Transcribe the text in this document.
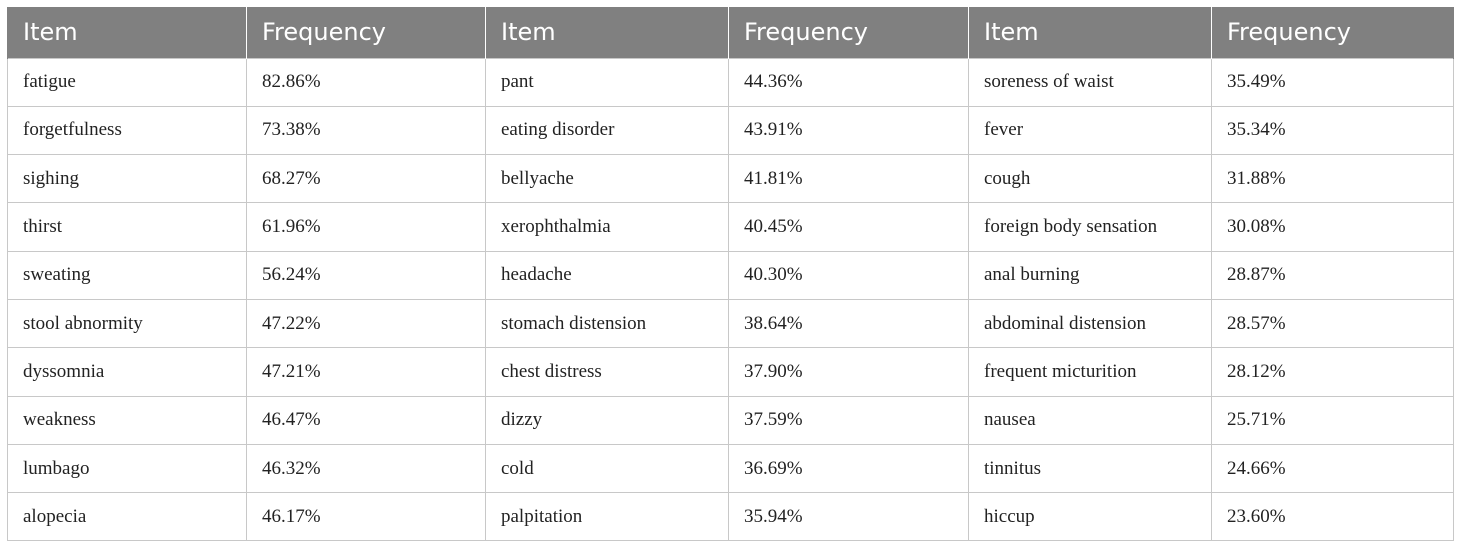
Item	Frequency	Item	Frequency	Item	Frequency
fatigue	82.86%	pant	44.36%	soreness of waist	35.49%
forgetfulness	73.38%	eating disorder	43.91%	fever	35.34%
sighing	68.27%	bellyache	41.81%	cough	31.88%
thirst	61.96%	xerophthalmia	40.45%	foreign body sensation	30.08%
sweating	56.24%	headache	40.30%	anal burning	28.87%
stool abnormity	47.22%	stomach distension	38.64%	abdominal distension	28.57%
dyssomnia	47.21%	chest distress	37.90%	frequent micturition	28.12%
weakness	46.47%	dizzy	37.59%	nausea	25.71%
lumbago	46.32%	cold	36.69%	tinnitus	24.66%
alopecia	46.17%	palpitation	35.94%	hiccup	23.60%
